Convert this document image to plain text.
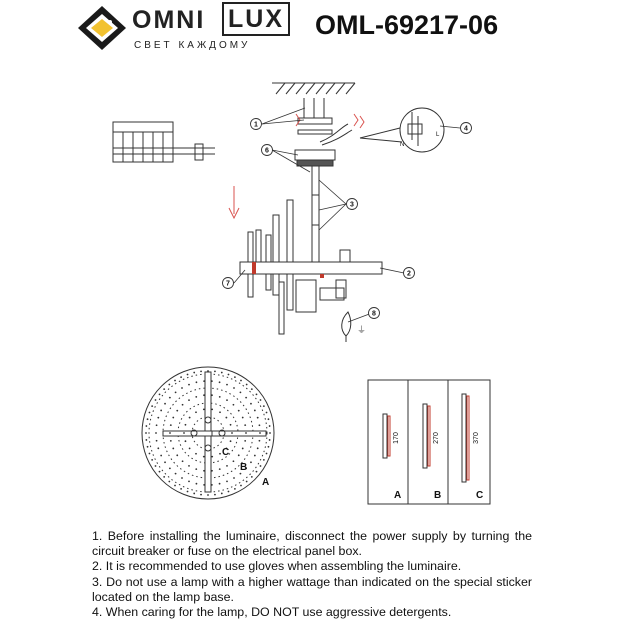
OMNI LUX
СВЕТ КАЖДОМУ
OML-69217-06
1
6
3
2
7
8
4
L
N
⏚
A
B
C
170	270	370
A	B	C

1. Before installing the luminaire, disconnect the power supply by turning the circuit breaker or fuse on the electrical panel box.

2. It is recommended to use gloves when assembling the luminaire.

3. Do not use a lamp with a higher wattage than indicated on the special sticker located on the lamp base.

4. When caring for the lamp, DO NOT use aggressive detergents.
